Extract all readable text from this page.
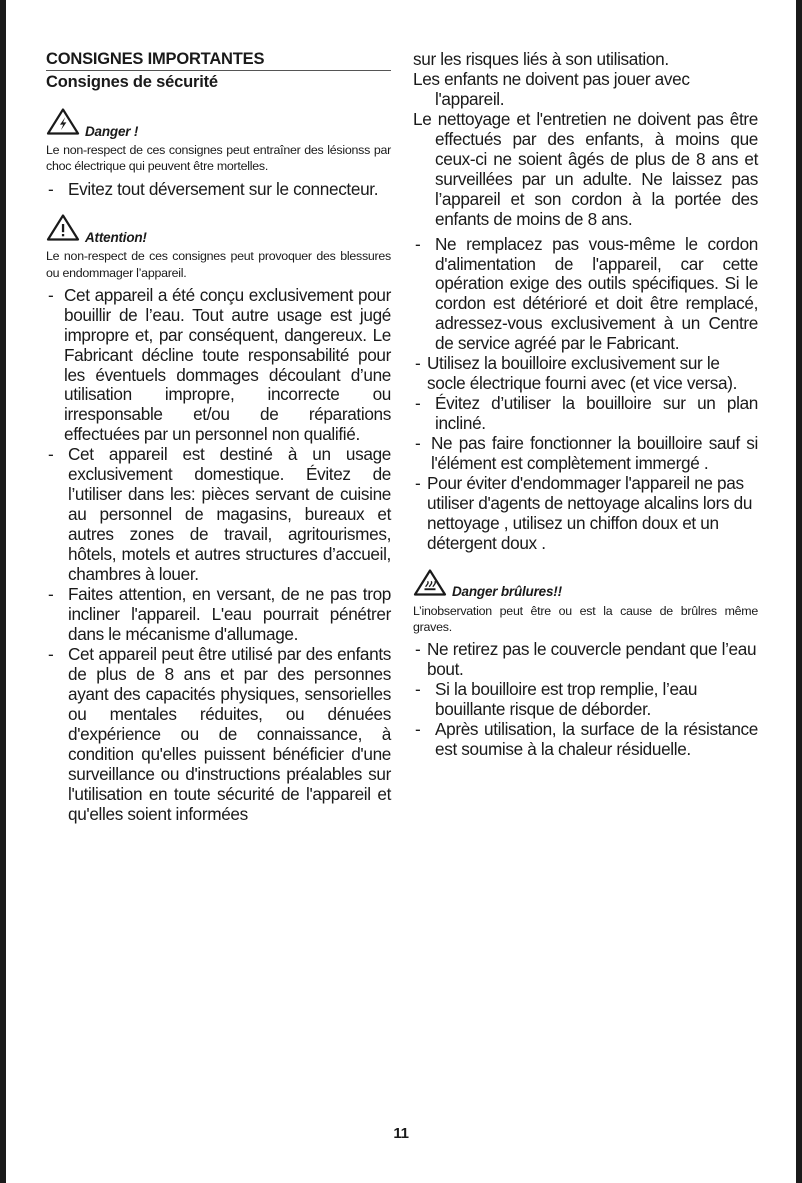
CONSIGNES IMPORTANTES
Consignes de sécurité
Danger !

Le non-respect de ces consignes peut entraîner des lésionss par choc électrique qui peuvent être mortelles.

- Evitez tout déversement sur le connecteur.
Attention!

Le non-respect de ces consignes peut provoquer des blessures ou endommager l’appareil.

- Cet appareil a été conçu exclusivement pour bouillir de l’eau. Tout autre usage est jugé impropre et, par conséquent, dangereux. Le Fabricant décline toute responsabilité pour les éventuels dommages découlant d’une utilisation impropre, incorrecte ou irresponsable et/ou de réparations effectuées par un personnel non qualifié.
- Cet appareil est destiné à un usage exclusivement domestique. Évitez de l’utiliser dans les: pièces servant de cuisine au personnel de magasins, bureaux et autres zones de travail, agritourismes, hôtels, motels et autres structures d’accueil, chambres à louer.
- Faites attention, en versant, de ne pas trop incliner l'appareil. L'eau pourrait pénétrer dans le mécanisme d'allumage.
- Cet appareil peut être utilisé par des enfants de plus de 8 ans et par des personnes ayant des capacités physiques, sensorielles ou mentales réduites, ou dénuées d'expérience ou de connaissance, à condition qu'elles puissent bénéficier d'une surveillance ou d'instructions préalables sur l'utilisation en toute sécurité de l'appareil et qu'elles soient informées

sur les risques liés à son utilisation.

Les enfants ne doivent pas jouer avec l'appareil.

Le nettoyage et l'entretien ne doivent pas être effectués par des enfants, à moins que ceux-ci ne soient âgés de plus de 8 ans et surveillées par un adulte. Ne laissez pas l’appareil et son cordon à la portée des enfants de moins de 8 ans.

- Ne remplacez pas vous-même le cordon d'alimentation de l'appareil, car cette opération exige des outils spécifiques. Si le cordon est détérioré et doit être remplacé, adressez-vous exclusivement à un Centre de service agréé par le Fabricant.
- Utilisez la bouilloire exclusivement sur le socle électrique fourni avec (et vice versa).
- Évitez d’utiliser la bouilloire sur un plan incliné.
- Ne pas faire fonctionner la bouilloire sauf si l'élément est complètement immergé .
- Pour éviter d'endommager l'appareil ne pas utiliser d'agents de nettoyage alcalins lors du nettoyage , utilisez un chiffon doux et un détergent doux .
Danger brûlures!!

L’inobservation peut être ou est la cause de brûlres même graves.

- Ne retirez pas le couvercle pendant que l’eau bout.
- Si la bouilloire est trop remplie, l’eau bouillante risque de déborder.
- Après utilisation, la surface de la résistance est soumise à la chaleur résiduelle.
11
